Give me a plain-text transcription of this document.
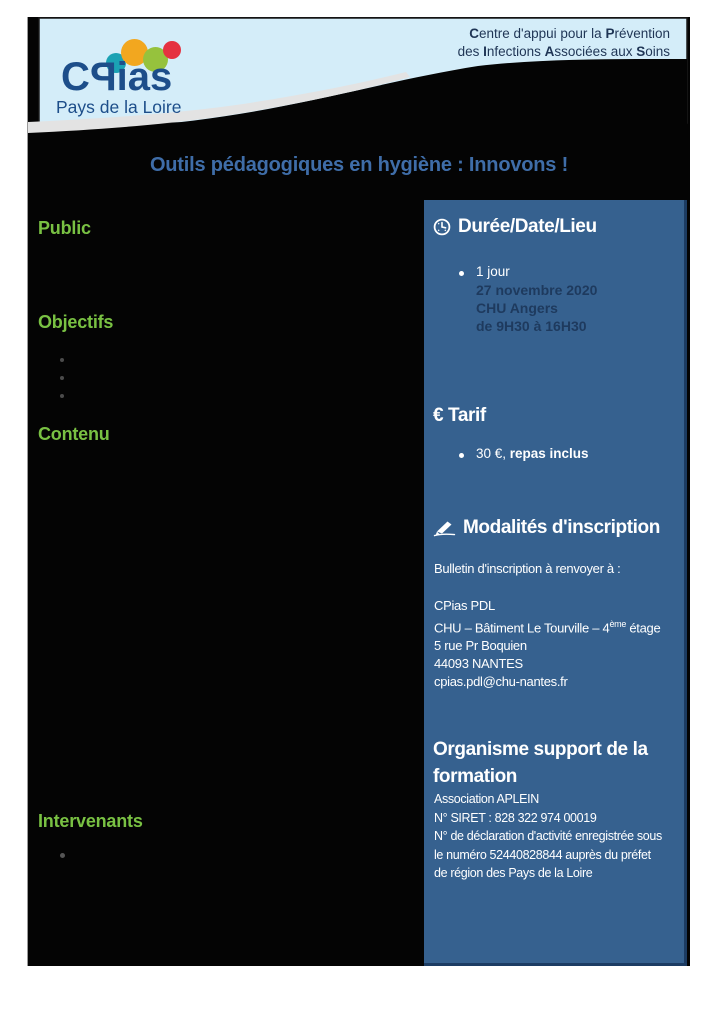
CPias
Pays de la Loire
Centre d'appui pour la Prévention
des Infections Associées aux Soins
Outils pédagogiques en hygiène : Innovons !
Public
Objectifs
Contenu
Intervenants
Durée/Date/Lieu
1 jour
27 novembre 2020
CHU Angers
de 9H30 à 16H30
€ Tarif
30 €, repas inclus
Modalités d'inscription
Bulletin d'inscription à renvoyer à :
CPias PDL
CHU – Bâtiment Le Tourville – 4ème étage
5 rue Pr Boquien
44093 NANTES
cpias.pdl@chu-nantes.fr
Organisme support de la formation
Association APLEIN
N° SIRET : 828 322 974 00019
N° de déclaration d'activité enregistrée sous
le numéro 52440828844 auprès du préfet
de région des Pays de la Loire
